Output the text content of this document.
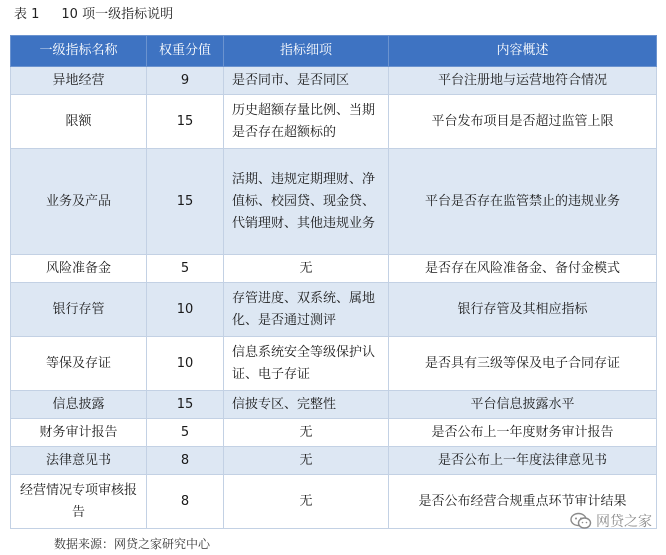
表 1 10 项一级指标说明
一级指标名称	权重分值	指标细项	内容概述
异地经营	9	是否同市、是否同区	平台注册地与运营地符合情况
限额	15	历史超额存量比例、当期是否存在超额标的	平台发布项目是否超过监管上限
业务及产品	15	活期、违规定期理财、净值标、校园贷、现金贷、代销理财、其他违规业务	平台是否存在监管禁止的违规业务
风险准备金	5	无	是否存在风险准备金、备付金模式
银行存管	10	存管进度、双系统、属地化、是否通过测评	银行存管及其相应指标
等保及存证	10	信息系统安全等级保护认证、电子存证	是否具有三级等保及电子合同存证
信息披露	15	信披专区、完整性	平台信息披露水平
财务审计报告	5	无	是否公布上一年度财务审计报告
法律意见书	8	无	是否公布上一年度法律意见书
经营情况专项审核报告	8	无	是否公布经营合规重点环节审计结果
网贷之家
数据来源：网贷之家研究中心
